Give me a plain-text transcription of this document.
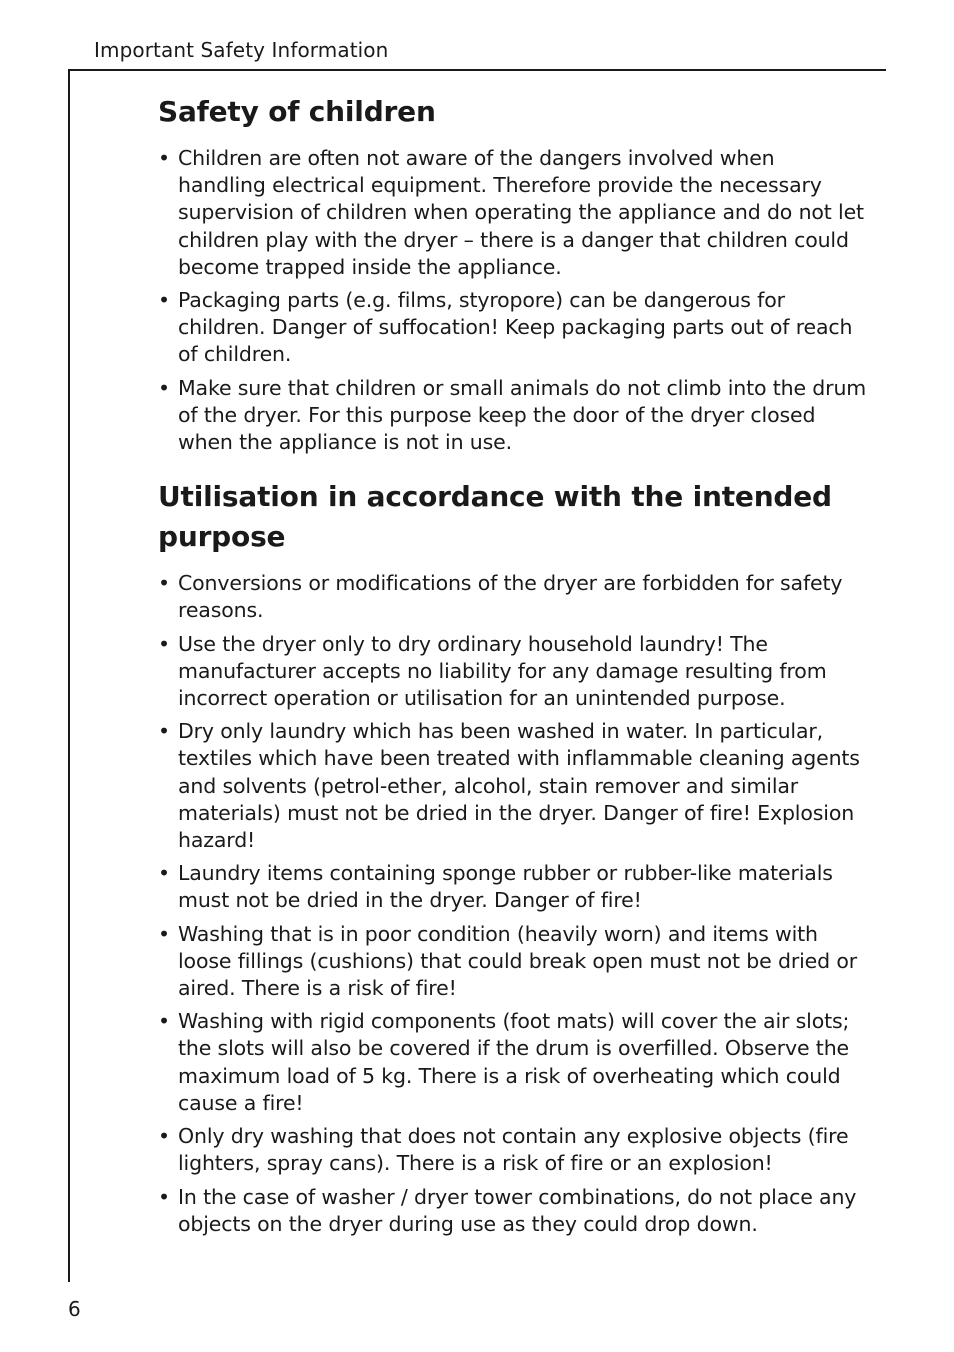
Important Safety Information
Safety of children
• Children are often not aware of the dangers involved when handling electrical equipment. Therefore provide the necessary supervision of children when operating the appliance and do not let children play with the dryer – there is a danger that children could become trapped inside the appliance.
• Packaging parts (e.g. films, styropore) can be dangerous for children. Danger of suffocation! Keep packaging parts out of reach of children.
• Make sure that children or small animals do not climb into the drum of the dryer. For this purpose keep the door of the dryer closed when the appliance is not in use.
Utilisation in accordance with the intended purpose
• Conversions or modifications of the dryer are forbidden for safety reasons.
• Use the dryer only to dry ordinary household laundry! The manufacturer accepts no liability for any damage resulting from incorrect operation or utilisation for an unintended purpose.
• Dry only laundry which has been washed in water. In particular, textiles which have been treated with inflammable cleaning agents and solvents (petrol-ether, alcohol, stain remover and similar materials) must not be dried in the dryer. Danger of fire! Explosion hazard!
• Laundry items containing sponge rubber or rubber-like materials must not be dried in the dryer. Danger of fire!
• Washing that is in poor condition (heavily worn) and items with loose fillings (cushions) that could break open must not be dried or aired. There is a risk of fire!
• Washing with rigid components (foot mats) will cover the air slots; the slots will also be covered if the drum is overfilled. Observe the maximum load of 5 kg. There is a risk of overheating which could cause a fire!
• Only dry washing that does not contain any explosive objects (fire lighters, spray cans). There is a risk of fire or an explosion!
• In the case of washer / dryer tower combinations, do not place any objects on the dryer during use as they could drop down.
6
